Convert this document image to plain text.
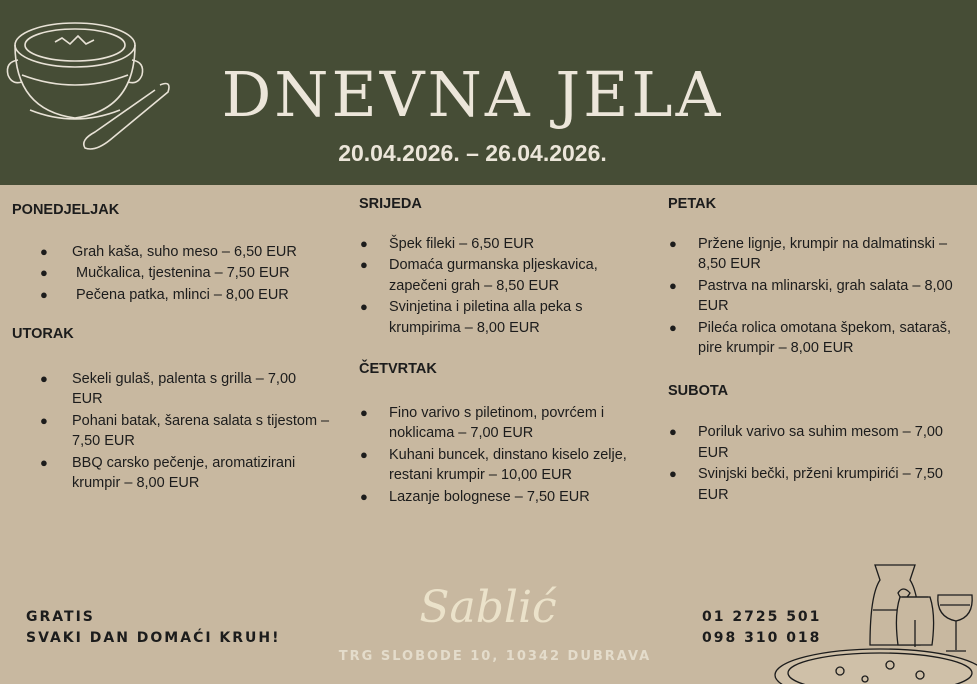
DNEVNA JELA
20.04.2026. – 26.04.2026.

PONEDJELJAK

● Grah kaša, suho meso – 6,50 EUR
● Mučkalica, tjestenina – 7,50 EUR
● Pečena patka, mlinci – 8,00 EUR

UTORAK

● Sekeli gulaš, palenta s grilla – 7,00 EUR
● Pohani batak, šarena salata s tijestom – 7,50 EUR
● BBQ carsko pečenje, aromatizirani krumpir – 8,00 EUR

SRIJEDA

● Špek fileki – 6,50 EUR
● Domaća gurmanska pljeskavica, zapečeni grah – 8,50 EUR
● Svinjetina i piletina alla peka s krumpirima – 8,00 EUR

ČETVRTAK

● Fino varivo s piletinom, povrćem i noklicama – 7,00 EUR
● Kuhani buncek, dinstano kiselo zelje, restani krumpir – 10,00 EUR
● Lazanje bolognese – 7,50 EUR

PETAK

● Pržene lignje, krumpir na dalmatinski – 8,50 EUR
● Pastrva na mlinarski, grah salata – 8,00 EUR
● Pileća rolica omotana špekom, sataraš, pire krumpir – 8,00 EUR

SUBOTA

● Poriluk varivo sa suhim mesom – 7,00 EUR
● Svinjski bečki, prženi krumpirići – 7,50 EUR
GRATIS
SVAKI DAN DOMAĆI KRUH!
Sablić
TRG SLOBODE 10, 10342 DUBRAVA
01 2725 501
098 310 018
